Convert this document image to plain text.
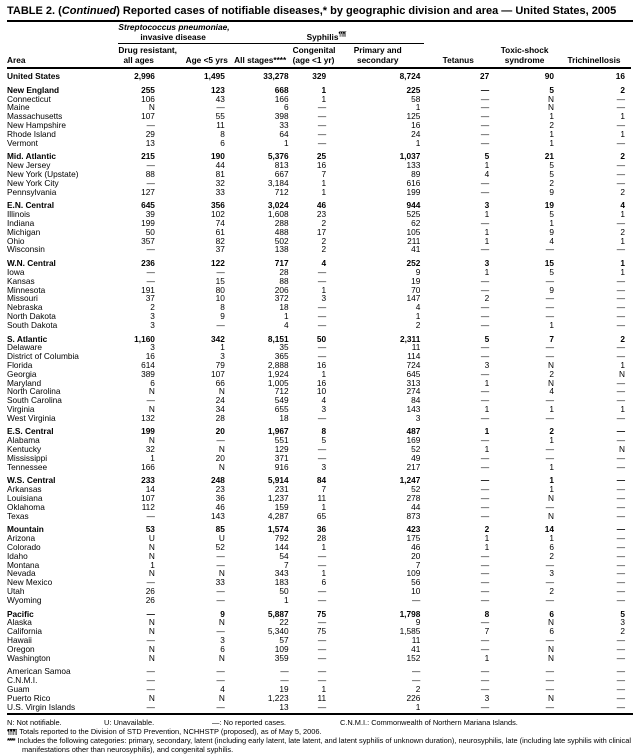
TABLE 2. (Continued) Reported cases of notifiable diseases,* by geographic division and area — United States, 2005

	Streptococcus pneumoniae,
invasive disease		Syphilis¶¶¶			
Area	
Drug resistant,
all ages	Age <5 yrs	All stages****	
Congenital
(age <1 yr)

Primary and
secondary	Tetanus	
Toxic-shock
syndrome	Trichinellosis
United States	2,996	1,495	33,278	329	8,724	27	90	16
New England	255	123	668	1	225	—	5	2
Connecticut	106	43	166	1	58	—	N	—
Maine	N	—	6	—	1	—	N	—
Massachusetts	107	55	398	—	125	—	1	1
New Hampshire	—	11	33	—	16	—	2	—
Rhode Island	29	8	64	—	24	—	1	1
Vermont	13	6	1	—	1	—	1	—
Mid. Atlantic	215	190	5,376	25	1,037	5	21	2
New Jersey	—	44	813	16	133	1	5	—
New York (Upstate)	88	81	667	7	89	4	5	—
New York City	—	32	3,184	1	616	—	2	—
Pennsylvania	127	33	712	1	199	—	9	2
E.N. Central	645	356	3,024	46	944	3	19	4
Illinois	39	102	1,608	23	525	1	5	1
Indiana	199	74	288	2	62	—	1	—
Michigan	50	61	488	17	105	1	9	2
Ohio	357	82	502	2	211	1	4	1
Wisconsin	—	37	138	2	41	—	—	—
W.N. Central	236	122	717	4	252	3	15	1
Iowa	—	—	28	—	9	1	5	1
Kansas	—	15	88	—	19	—	—	—
Minnesota	191	80	206	1	70	—	9	—
Missouri	37	10	372	3	147	2	—	—
Nebraska	2	8	18	—	4	—	—	—
North Dakota	3	9	1	—	1	—	—	—
South Dakota	3	—	4	—	2	—	1	—
S. Atlantic	1,160	342	8,151	50	2,311	5	7	2
Delaware	3	1	35	—	11	—	—	—
District of Columbia	16	3	365	—	114	—	—	—
Florida	614	79	2,888	16	724	3	N	1
Georgia	389	107	1,924	1	645	—	2	N
Maryland	6	66	1,005	16	313	1	N	—
North Carolina	N	N	712	10	274	—	4	—
South Carolina	—	24	549	4	84	—	—	—
Virginia	N	34	655	3	143	1	1	1
West Virginia	132	28	18	—	3	—	—	—
E.S. Central	199	20	1,967	8	487	1	2	—
Alabama	N	—	551	5	169	—	1	—
Kentucky	32	N	129	—	52	1	—	N
Mississippi	1	20	371	—	49	—	—	—
Tennessee	166	N	916	3	217	—	1	—
W.S. Central	233	248	5,914	84	1,247	—	1	—
Arkansas	14	23	231	7	52	—	1	—
Louisiana	107	36	1,237	11	278	—	N	—
Oklahoma	112	46	159	1	44	—	—	—
Texas	—	143	4,287	65	873	—	N	—
Mountain	53	85	1,574	36	423	2	14	—
Arizona	U	U	792	28	175	1	1	—
Colorado	N	52	144	1	46	1	6	—
Idaho	N	—	54	—	20	—	2	—
Montana	1	—	7	—	7	—	—	—
Nevada	N	N	343	1	109	—	3	—
New Mexico	—	33	183	6	56	—	—	—
Utah	26	—	50	—	10	—	2	—
Wyoming	26	—	1	—	—	—	—	—
Pacific	—	9	5,887	75	1,798	8	6	5
Alaska	N	N	22	—	9	—	N	3
California	N	—	5,340	75	1,585	7	6	2
Hawaii	—	3	57	—	11	—	—	—
Oregon	N	6	109	—	41	—	N	—
Washington	N	N	359	—	152	1	N	—
American Samoa	—	—	—	—	—	—	—	—
C.N.M.I.	—	—	—	—	—	—	—	—
Guam	—	4	19	1	2	—	—	—
Puerto Rico	N	N	1,223	11	226	3	N	—
U.S. Virgin Islands	—	—	13	—	1	—	—	—
N: Not notifiable.	U: Unavailable.	—: No reported cases.	C.N.M.I.: Commonwealth of Northern Mariana Islands.
¶¶¶ Totals reported to the Division of STD Prevention, NCHHSTP (proposed), as of May 5, 2006.
**** Includes the following categories: primary, secondary, latent (including early latent, late latent, and latent syphilis of unknown duration), neurosyphilis, late (including late syphilis with clinical manifestations other than neurosyphilis), and congenital syphilis.
